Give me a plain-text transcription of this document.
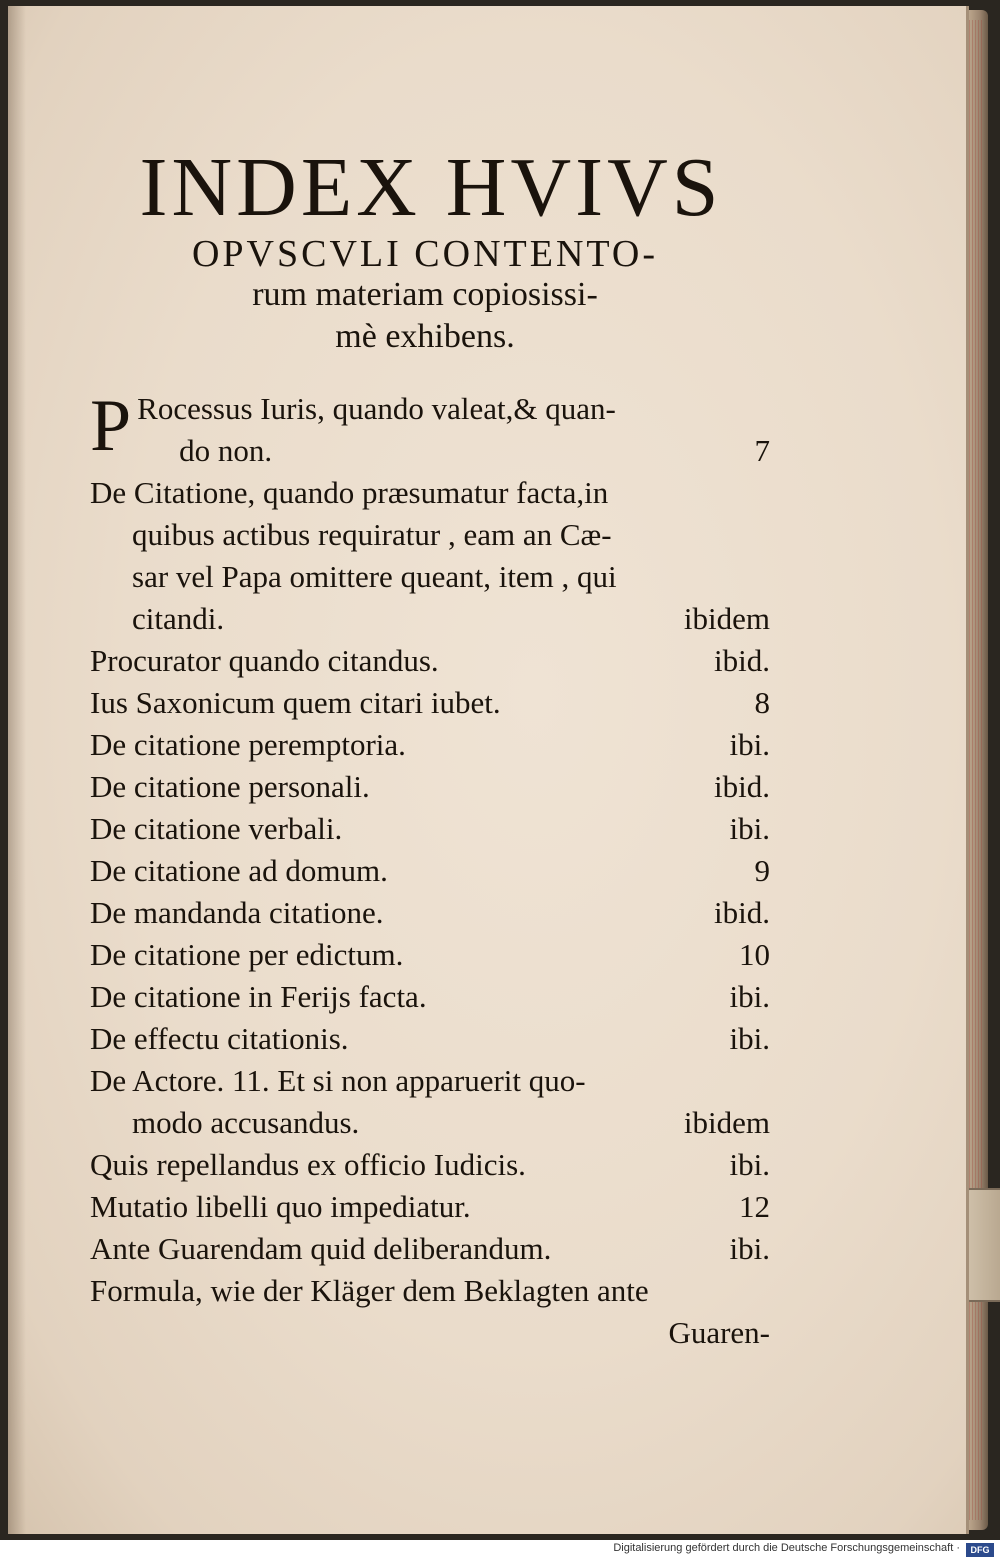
INDEX HVIVS
OPVSCVLI CONTENTO-
rum materiam copiosissi-
mè exhibens.
P Rocessus Iuris, quando valeat,& quan-
do non.	7
De Citatione, quando præsumatur facta,in
quibus actibus requiratur , eam an Cæ-
sar vel Papa omittere queant, item , qui
citandi.	ibidem
Procurator quando citandus.	ibid.
Ius Saxonicum quem citari iubet.	8
De citatione peremptoria.	ibi.
De citatione personali.	ibid.
De citatione verbali.	ibi.
De citatione ad domum.	9
De mandanda citatione.	ibid.
De citatione per edictum.	10
De citatione in Ferijs facta.	ibi.
De effectu citationis.	ibi.
De Actore. 11. Et si non apparuerit quo-
modo accusandus.	ibidem
Quis repellandus ex officio Iudicis.	ibi.
Mutatio libelli quo impediatur.	12
Ante Guarendam quid deliberandum.	ibi.
Formula, wie der Kläger dem Beklagten ante
Guaren-
Digitalisierung gefördert durch die Deutsche Forschungsgemeinschaft ·	DFG
